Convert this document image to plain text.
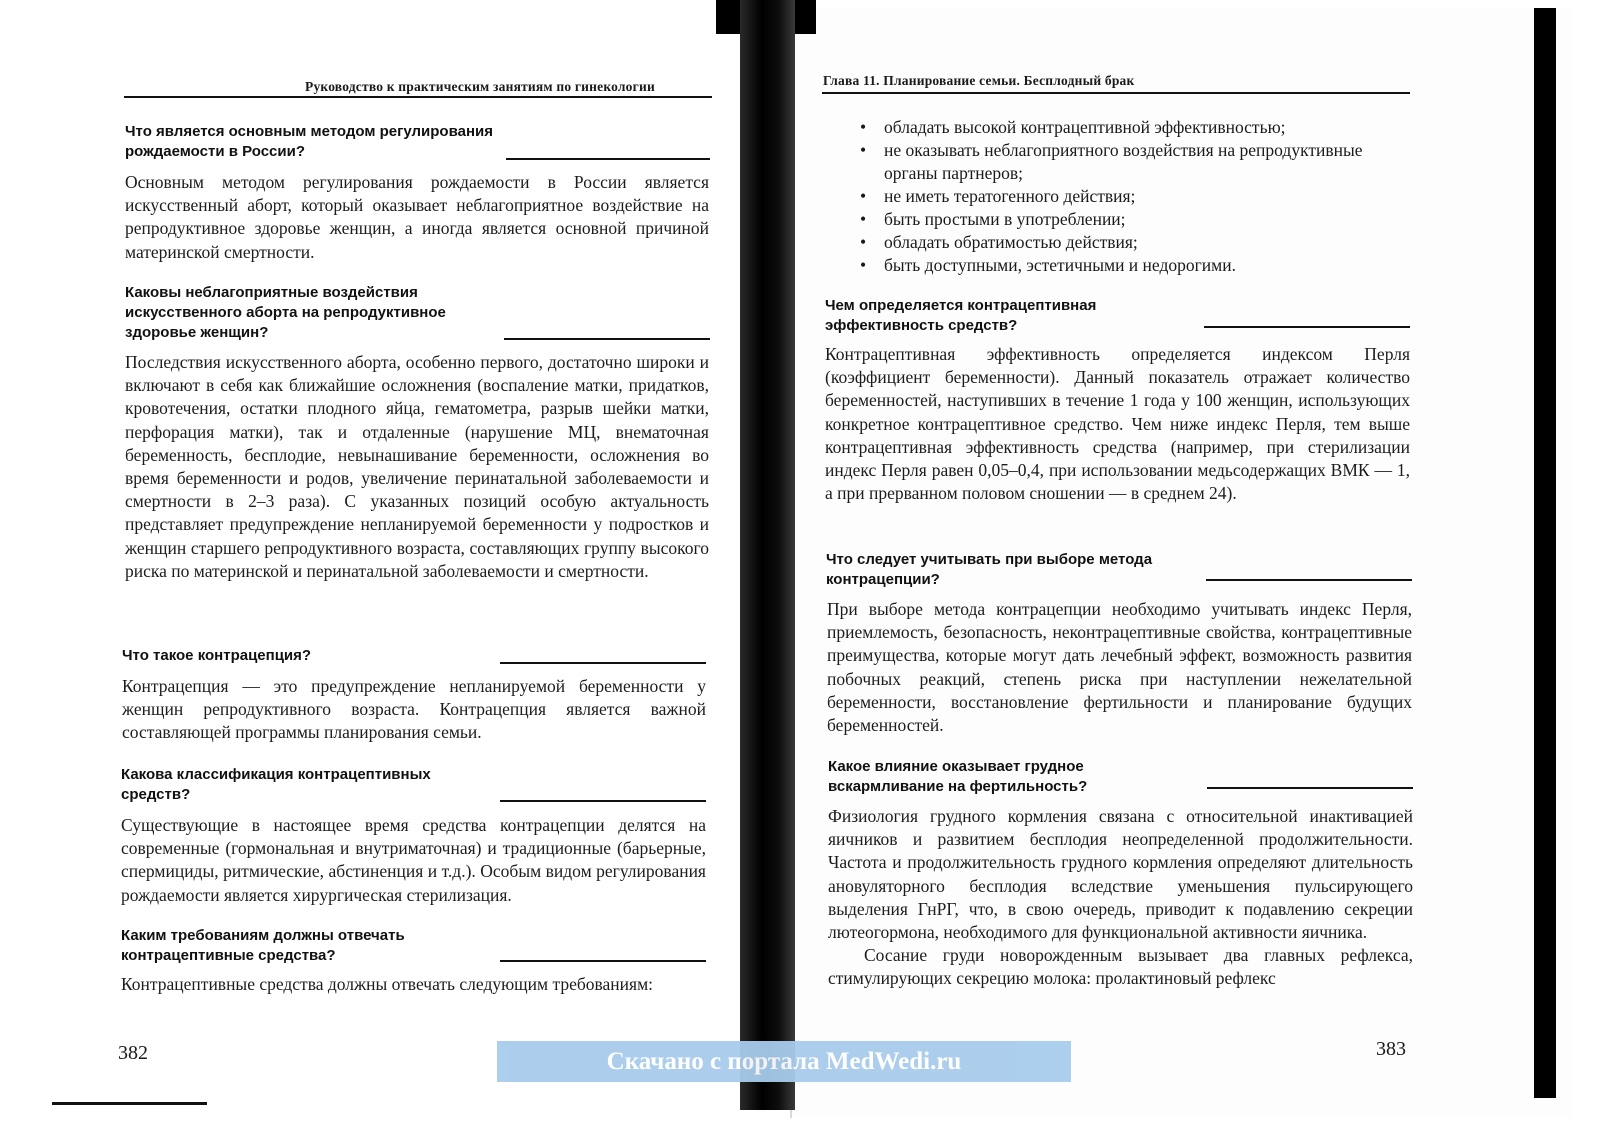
Руководство к практическим занятиям по гинекологии
Что является основным методом регулирования рождаемости в России?

Основным методом регулирования рождаемости в России является искусственный аборт, который оказывает неблагоприятное воздействие на репродуктивное здоровье женщин, а иногда является основной причиной материнской смертности.

Каковы неблагоприятные воздействия искусственного аборта на репродуктивное здоровье женщин?

Последствия искусственного аборта, особенно первого, достаточно широки и включают в себя как ближайшие осложнения (воспаление матки, придатков, кровотечения, остатки плодного яйца, гематометра, разрыв шейки матки, перфорация матки), так и отдаленные (нарушение МЦ, внематочная беременность, бесплодие, невынашивание беременности, осложнения во время беременности и родов, увеличение перинатальной заболеваемости и смертности в 2–3 раза). С указанных позиций особую актуальность представляет предупреждение непланируемой беременности у подростков и женщин старшего репродуктивного возраста, составляющих группу высокого риска по материнской и перинатальной заболеваемости и смертности.

Что такое контрацепция?

Контрацепция — это предупреждение непланируемой беременности у женщин репродуктивного возраста. Контрацепция является важной составляющей программы планирования семьи.

Какова классификация контрацептивных средств?

Существующие в настоящее время средства контрацепции делятся на современные (гормональная и внутриматочная) и традиционные (барьерные, спермициды, ритмические, абстиненция и т.д.). Особым видом регулирования рождаемости является хирургическая стерилизация.

Каким требованиям должны отвечать контрацептивные средства?

Контрацептивные средства должны отвечать следующим требованиям:

382
Глава 11. Планирование семьи. Бесплодный брак
• обладать высокой контрацептивной эффективностью;
• не оказывать неблагоприятного воздействия на репродуктивные органы партнеров;
• не иметь тератогенного действия;
• быть простыми в употреблении;
• обладать обратимостью действия;
• быть доступными, эстетичными и недорогими.
Чем определяется контрацептивная эффективность средств?

Контрацептивная эффективность определяется индексом Перля (коэффициент беременности). Данный показатель отражает количество беременностей, наступивших в течение 1 года у 100 женщин, использующих конкретное контрацептивное средство. Чем ниже индекс Перля, тем выше контрацептивная эффективность средства (например, при стерилизации индекс Перля равен 0,05–0,4, при использовании медьсодержащих ВМК — 1, а при прерванном половом сношении — в среднем 24).

Что следует учитывать при выборе метода контрацепции?

При выборе метода контрацепции необходимо учитывать индекс Перля, приемлемость, безопасность, неконтрацептивные свойства, контрацептивные преимущества, которые могут дать лечебный эффект, возможность развития побочных реакций, степень риска при наступлении нежелательной беременности, восстановление фертильности и планирование будущих беременностей.

Какое влияние оказывает грудное вскармливание на фертильность?

Физиология грудного кормления связана с относительной инактивацией яичников и развитием бесплодия неопределенной продолжительности. Частота и продолжительность грудного кормления определяют длительность ановуляторного бесплодия вследствие уменьшения пульсирующего выделения ГнРГ, что, в свою очередь, приводит к подавлению секреции лютеогормона, необходимого для функциональной активности яичника.

Сосание груди новорожденным вызывает два главных рефлекса, стимулирующих секрецию молока: пролактиновый рефлекс

383
Скачано с портала MedWedi.ru
